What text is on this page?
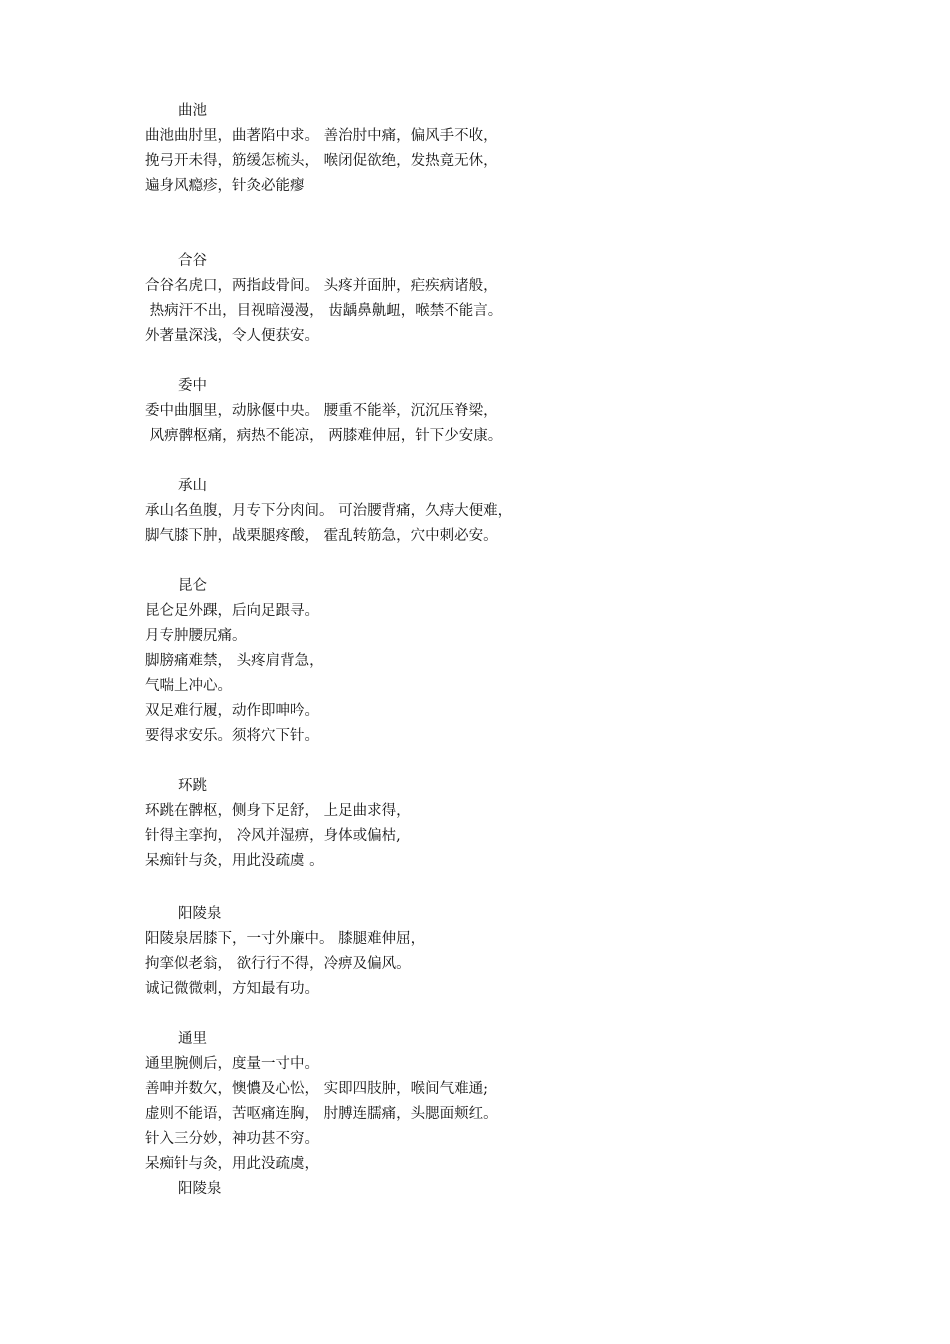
曲池
曲池曲肘里，曲著陷中求。 善治肘中痛，偏风手不收，
挽弓开未得，筋缓怎梳头， 喉闭促欲绝，发热竟无休，
遍身风瘾疹，针灸必能瘳
合谷
合谷名虎口，两指歧骨间。 头疼并面肿，疟疾病诸般，
热病汗不出，目视暗漫漫， 齿龋鼻鼽衄，喉禁不能言。
外著量深浅，令人便获安。
委中
委中曲腘里，动脉偃中央。 腰重不能举，沉沉压脊梁，
风痹髀枢痛，病热不能凉， 两膝难伸屈，针下少安康。
承山
承山名鱼腹，月专下分肉间。 可治腰背痛，久痔大便难，
脚气膝下肿，战栗腿疼酸， 霍乱转筋急，穴中刺必安。
昆仑
昆仑足外踝，后向足跟寻。
月专肿腰尻痛。
脚膀痛难禁， 头疼肩背急，
气喘上冲心。
双足难行履，动作即呻吟。
要得求安乐。须将穴下针。
环跳
环跳在髀枢，侧身下足舒， 上足曲求得，
针得主挛拘， 冷风并湿痹，身体或偏枯,
呆痴针与灸，用此没疏虞 。
阳陵泉
阳陵泉居膝下，一寸外廉中。 膝腿难伸屈，
拘挛似老翁， 欲行行不得，冷痹及偏风。
诚记微微刺，方知最有功。
通里
通里腕侧后，度量一寸中。
善呻并数欠，懊憹及心忪， 实即四肢肿，喉间气难通;
虚则不能语，苦呕痛连胸， 肘膊连臑痛，头腮面颊红。
针入三分妙，神功甚不穷。
呆痴针与灸，用此没疏虞，
阳陵泉
